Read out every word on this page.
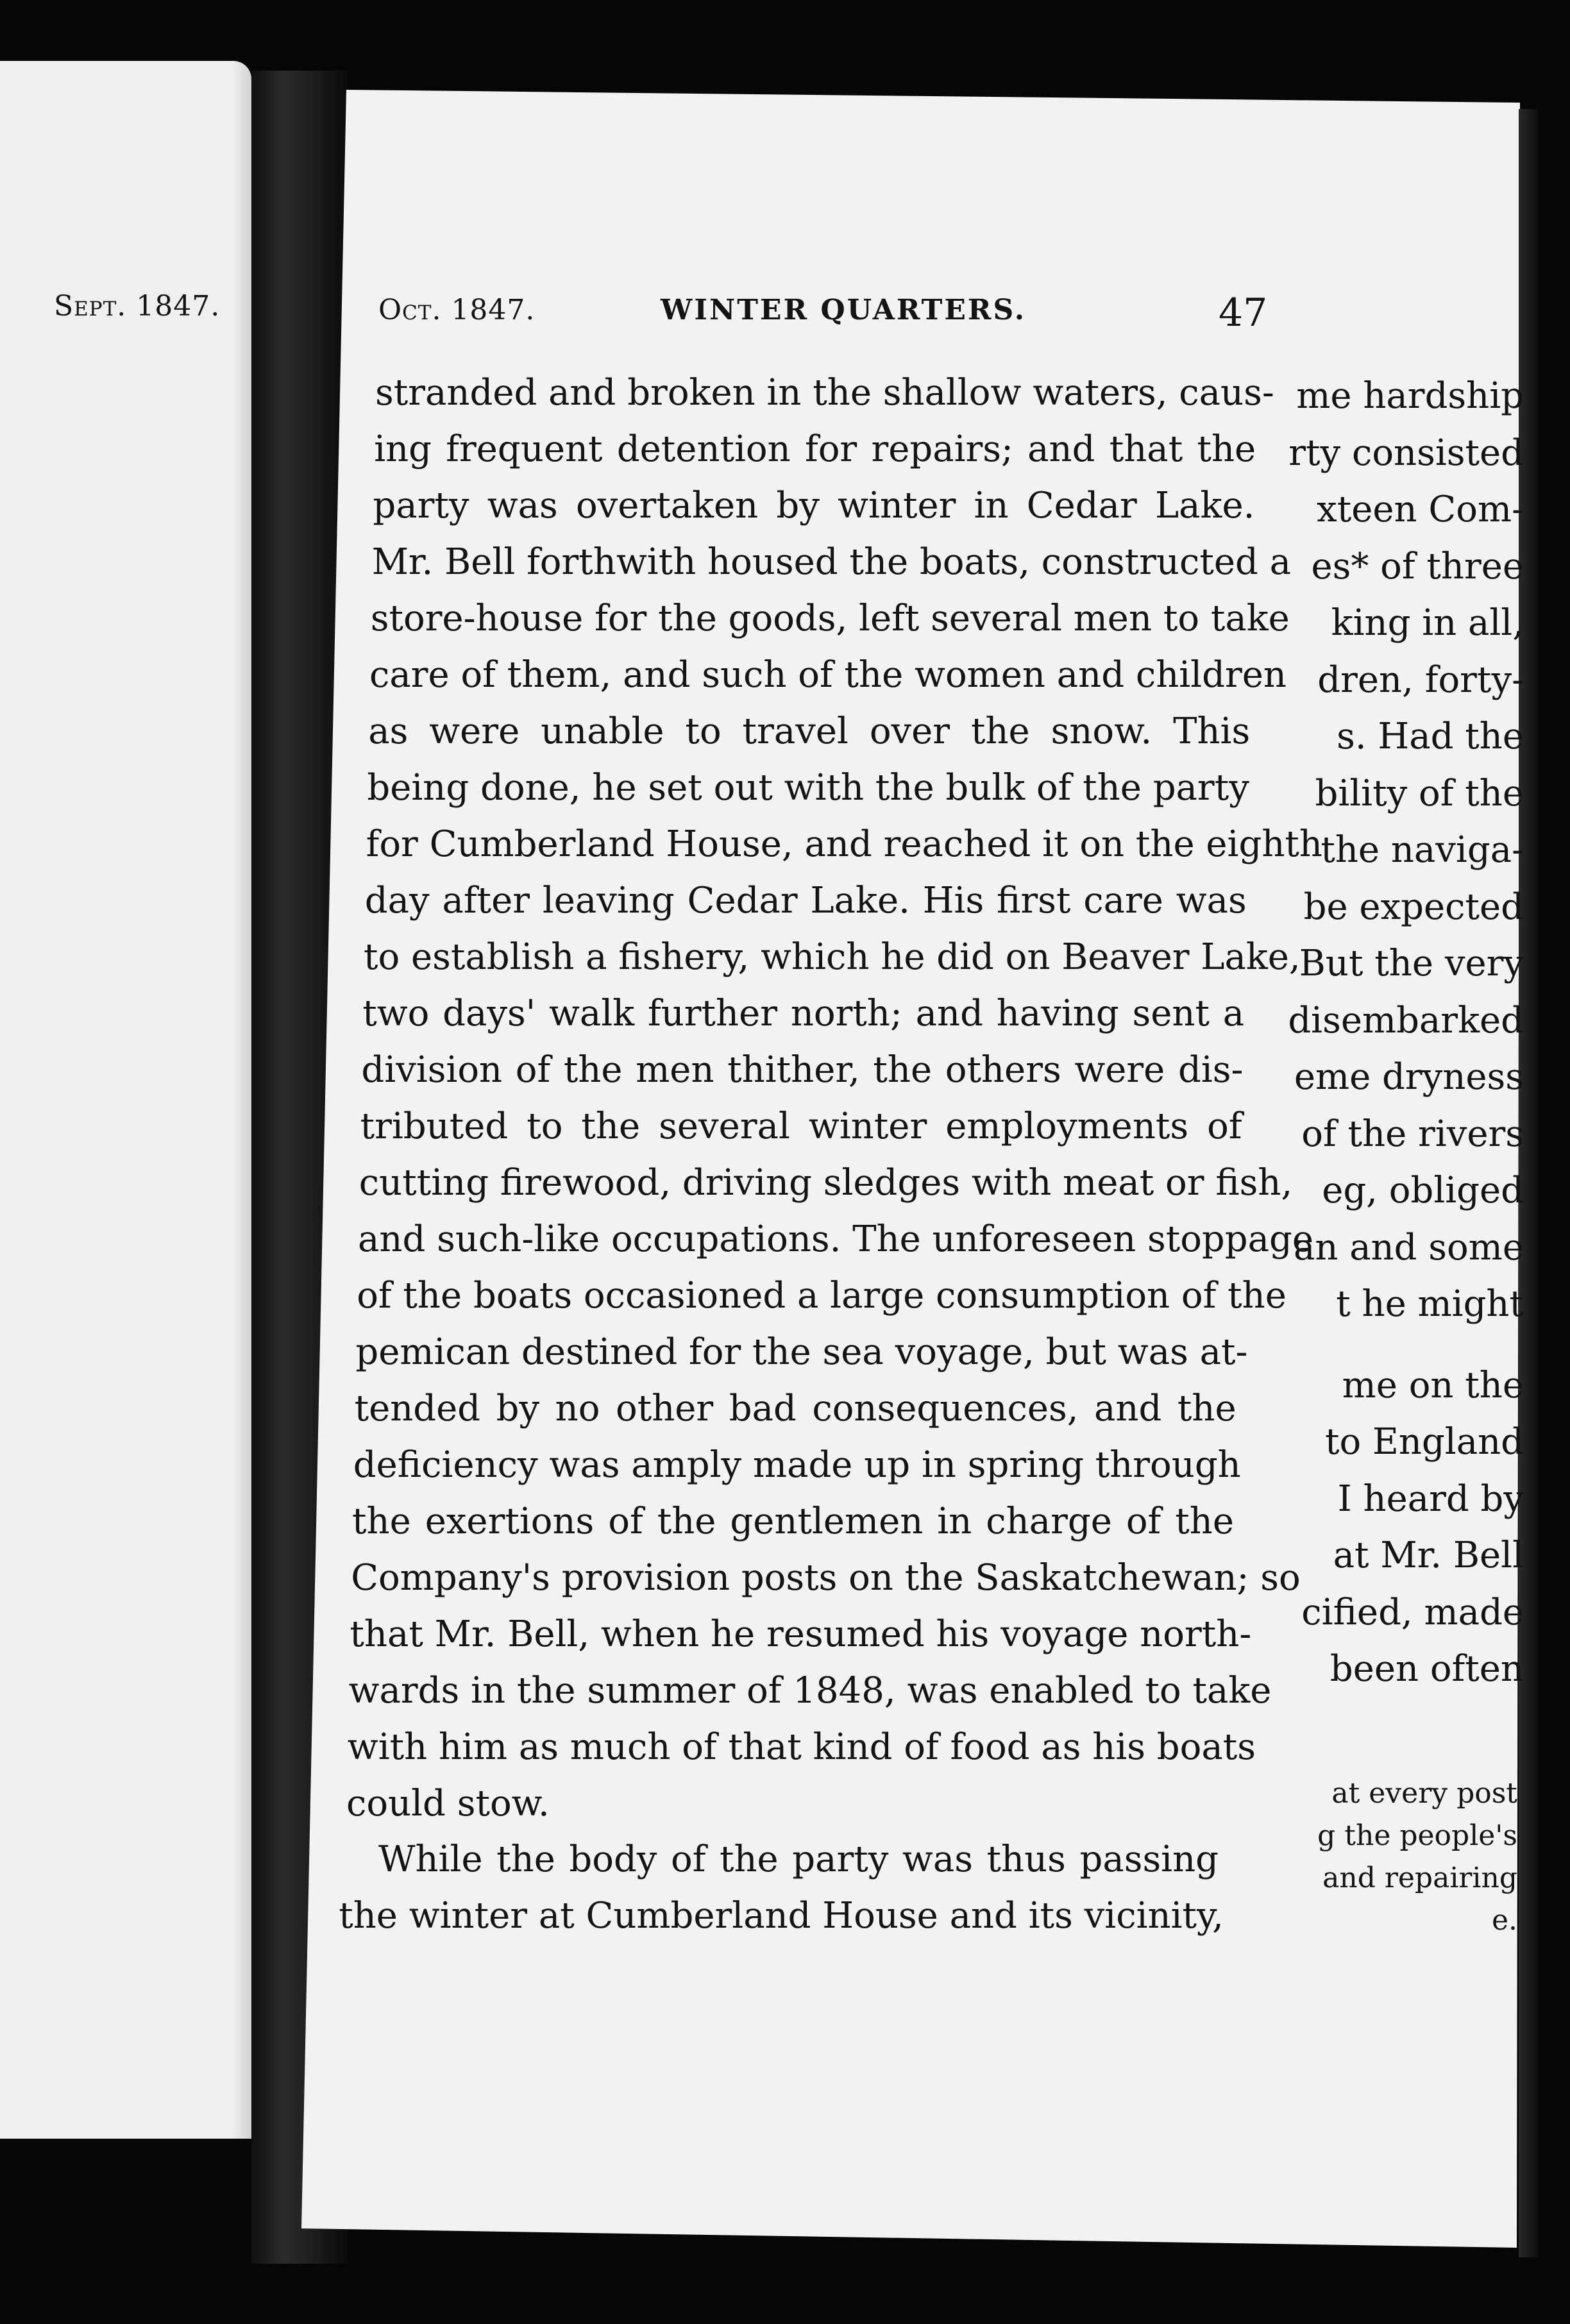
Sept. 1847.
me hardship
rty consisted
xteen Com-
es* of three
king in all,
dren, forty-
s. Had the
bility of the
the naviga-
be expected
But the very
disembarked
eme dryness
of the rivers
eg, obliged
an and some
t he might
me on the
to England
I heard by
at Mr. Bell
cified, made
been often
at every post
g the people's
and repairing
e.
Oct. 1847.	WINTER QUARTERS.	47
stranded and broken in the shallow waters, caus-
ing frequent detention for repairs; and that the
party was overtaken by winter in Cedar Lake.
Mr. Bell forthwith housed the boats, constructed a
store-house for the goods, left several men to take
care of them, and such of the women and children
as were unable to travel over the snow. This
being done, he set out with the bulk of the party
for Cumberland House, and reached it on the eighth
day after leaving Cedar Lake. His first care was
to establish a fishery, which he did on Beaver Lake,
two days' walk further north; and having sent a
division of the men thither, the others were dis-
tributed to the several winter employments of
cutting firewood, driving sledges with meat or fish,
and such-like occupations. The unforeseen stoppage
of the boats occasioned a large consumption of the
pemican destined for the sea voyage, but was at-
tended by no other bad consequences, and the
deficiency was amply made up in spring through
the exertions of the gentlemen in charge of the
Company's provision posts on the Saskatchewan; so
that Mr. Bell, when he resumed his voyage north-
wards in the summer of 1848, was enabled to take
with him as much of that kind of food as his boats
could stow.
While the body of the party was thus passing
the winter at Cumberland House and its vicinity,
